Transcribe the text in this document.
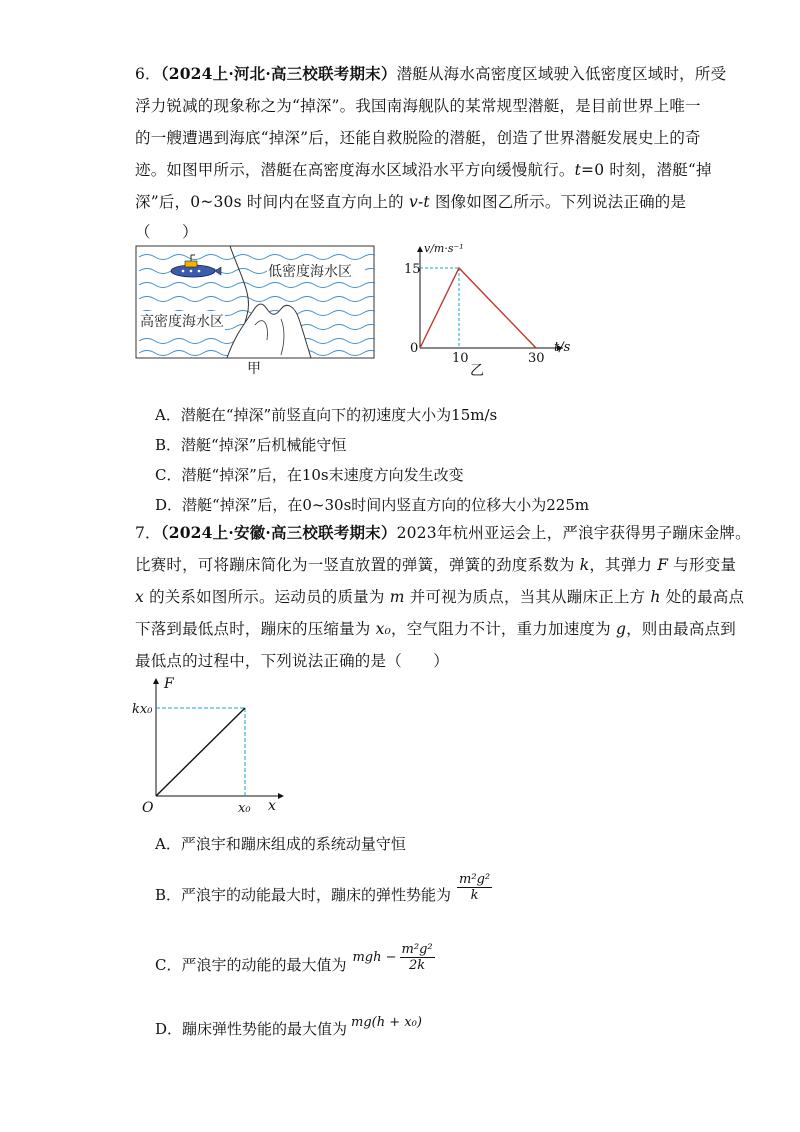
6．（2024上·河北·高三校联考期末）潜艇从海水高密度区域驶入低密度区域时，所受
浮力锐减的现象称之为“掉深”。我国南海舰队的某常规型潜艇，是目前世界上唯一
的一艘遭遇到海底“掉深”后，还能自救脱险的潜艇，创造了世界潜艇发展史上的奇
迹。如图甲所示，潜艇在高密度海水区域沿水平方向缓慢航行。t=0 时刻，潜艇“掉
深”后，0~30s 时间内在竖直方向上的 v-t 图像如图乙所示。下列说法正确的是
（　　）
低密度海水区
高密度海水区
甲
15
0
10	30
v/m·s⁻¹
t/s
乙
A．潜艇在“掉深”前竖直向下的初速度大小为15m/s
B．潜艇“掉深”后机械能守恒
C．潜艇“掉深”后，在10s末速度方向发生改变
D．潜艇“掉深”后，在0~30s时间内竖直方向的位移大小为225m
7．（2024上·安徽·高三校联考期末）2023年杭州亚运会上，严浪宇获得男子蹦床金牌。
比赛时，可将蹦床简化为一竖直放置的弹簧，弹簧的劲度系数为 k，其弹力 F 与形变量
x 的关系如图所示。运动员的质量为 m 并可视为质点，当其从蹦床正上方 h 处的最高点
下落到最低点时，蹦床的压缩量为 x₀，空气阻力不计，重力加速度为 g，则由最高点到
最低点的过程中，下列说法正确的是（　　）
F
kx₀
O	x₀ x
A．严浪宇和蹦床组成的系统动量守恒
B．严浪宇的动能最大时，蹦床的弹性势能为 $\frac{\text{m²g²}}{k}$
C．严浪宇的动能的最大值为 mgh − $\frac{\text{m²g²}}{2k}$
D．蹦床弹性势能的最大值为 mg(h + x₀)
